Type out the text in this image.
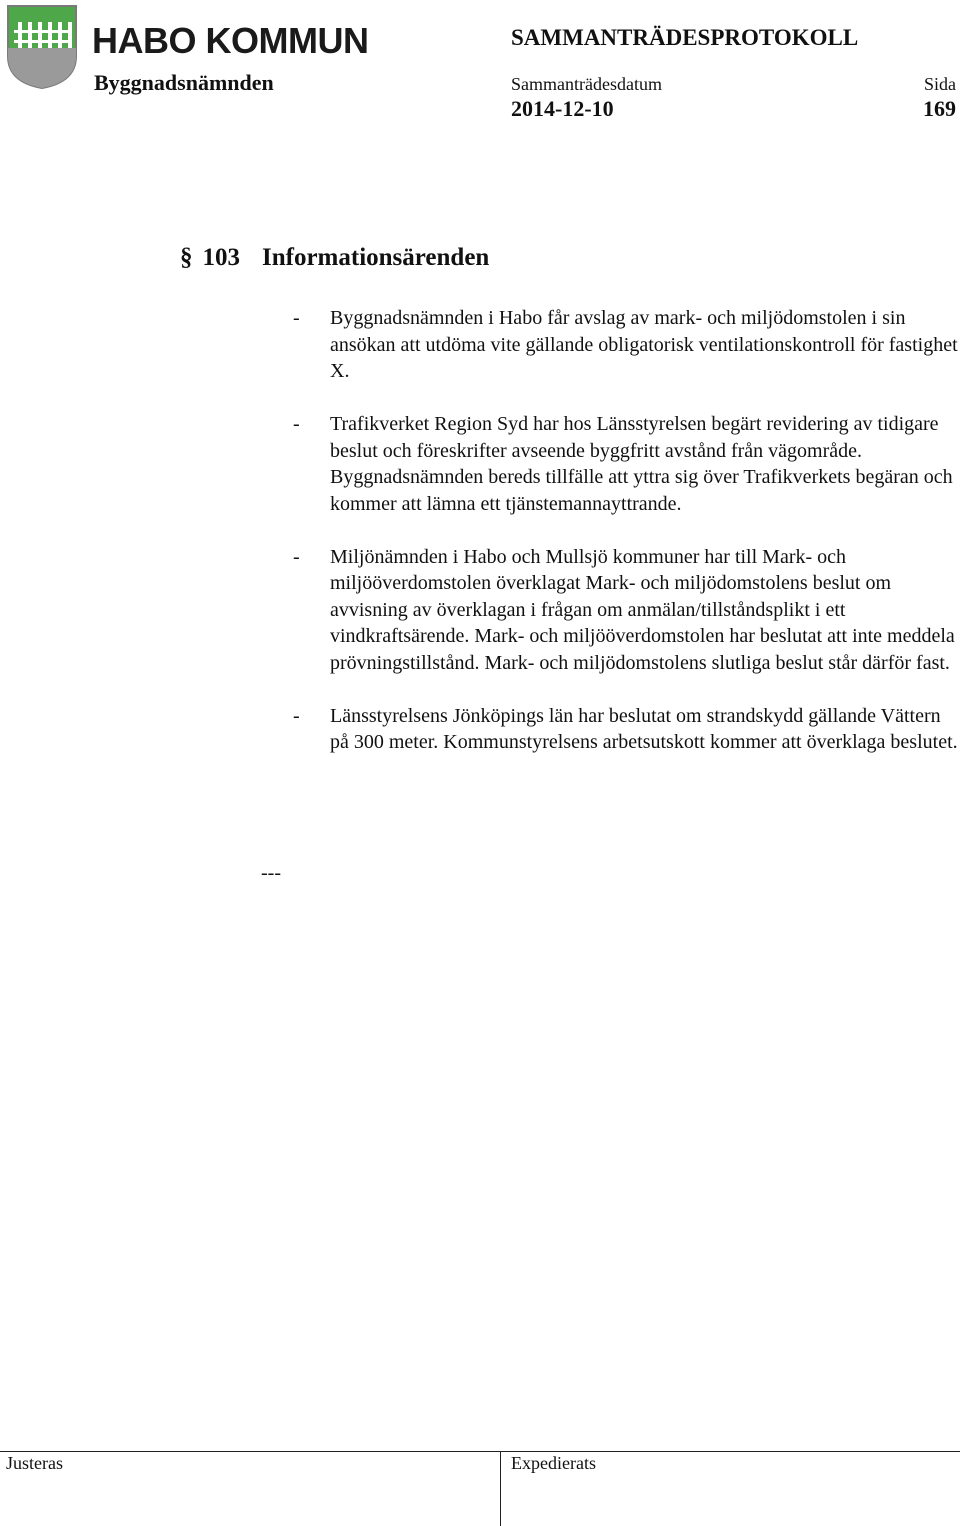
HABO KOMMUN
Byggnadsnämnden
SAMMANTRÄDESPROTOKOLL
Sammanträdesdatum
2014-12-10
Sida
169
§ 103 Informationsärenden
- Byggnadsnämnden i Habo får avslag av mark- och miljödomstolen i sin ansökan att utdöma vite gällande obligatorisk ventilationskontroll för fastighet X.
- Trafikverket Region Syd har hos Länsstyrelsen begärt revidering av tidigare beslut och föreskrifter avseende byggfritt avstånd från vägområde. Byggnadsnämnden bereds tillfälle att yttra sig över Trafikverkets begäran och kommer att lämna ett tjänstemannayttrande.
- Miljönämnden i Habo och Mullsjö kommuner har till Mark- och miljööverdomstolen överklagat Mark- och miljödomstolens beslut om avvisning av överklagan i frågan om anmälan/tillståndsplikt i ett vindkraftsärende. Mark- och miljööverdomstolen har beslutat att inte meddela prövningstillstånd. Mark- och miljödomstolens slutliga beslut står därför fast.
- Länsstyrelsens Jönköpings län har beslutat om strandskydd gällande Vättern på 300 meter. Kommunstyrelsens arbetsutskott kommer att överklaga beslutet.
---
Justeras	Expedierats
